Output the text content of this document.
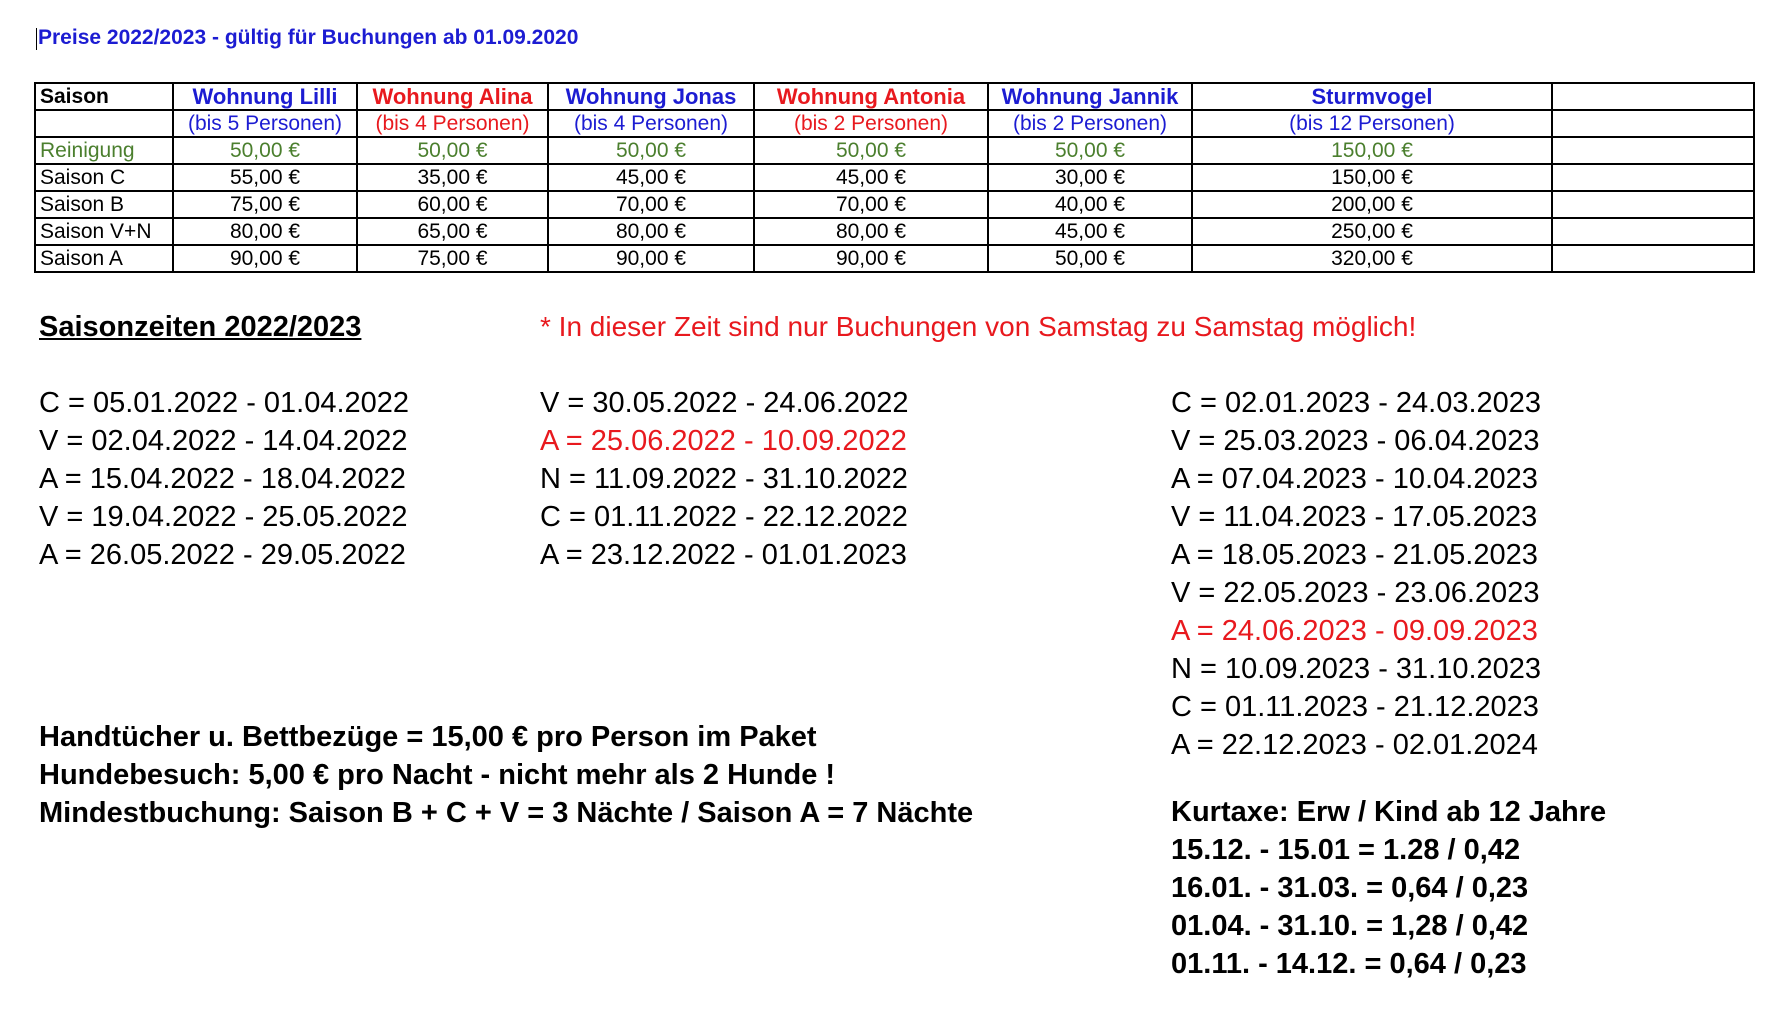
Preise 2022/2023 - gültig für Buchungen ab 01.09.2020
Saison	Wohnung Lilli	Wohnung Alina	Wohnung Jonas	Wohnung Antonia	Wohnung Jannik	Sturmvogel	
	(bis 5 Personen)	(bis 4 Personen)	(bis 4 Personen)	(bis 2 Personen)	(bis 2 Personen)	(bis 12 Personen)	
Reinigung	50,00 €	50,00 €	50,00 €	50,00 €	50,00 €	150,00 €	
Saison C	55,00 €	35,00 €	45,00 €	45,00 €	30,00 €	150,00 €	
Saison B	75,00 €	60,00 €	70,00 €	70,00 €	40,00 €	200,00 €	
Saison V+N	80,00 €	65,00 €	80,00 €	80,00 €	45,00 €	250,00 €	
Saison A	90,00 €	75,00 €	90,00 €	90,00 €	50,00 €	320,00 €	
Saisonzeiten 2022/2023	* In dieser Zeit sind nur Buchungen von Samstag zu Samstag möglich!
C = 05.01.2022 - 01.04.2022
V = 02.04.2022 - 14.04.2022
A = 15.04.2022 - 18.04.2022
V = 19.04.2022 - 25.05.2022
A = 26.05.2022 - 29.05.2022
V = 30.05.2022 - 24.06.2022
A = 25.06.2022 - 10.09.2022
N = 11.09.2022 - 31.10.2022
C = 01.11.2022 - 22.12.2022
A = 23.12.2022 - 01.01.2023
C = 02.01.2023 - 24.03.2023
V = 25.03.2023 - 06.04.2023
A = 07.04.2023 - 10.04.2023
V = 11.04.2023 - 17.05.2023
A = 18.05.2023 - 21.05.2023
V = 22.05.2023 - 23.06.2023
A = 24.06.2023 - 09.09.2023
N = 10.09.2023 - 31.10.2023
C = 01.11.2023 - 21.12.2023
A = 22.12.2023 - 02.01.2024
Handtücher u. Bettbezüge = 15,00 € pro Person im Paket
Hundebesuch: 5,00 € pro Nacht - nicht mehr als 2 Hunde !
Mindestbuchung: Saison B + C + V = 3 Nächte / Saison A = 7 Nächte	Kurtaxe: Erw / Kind ab 12 Jahre
15.12. - 15.01 = 1.28 / 0,42
16.01. - 31.03. = 0,64 / 0,23
01.04. - 31.10. = 1,28 / 0,42
01.11. - 14.12. = 0,64 / 0,23
